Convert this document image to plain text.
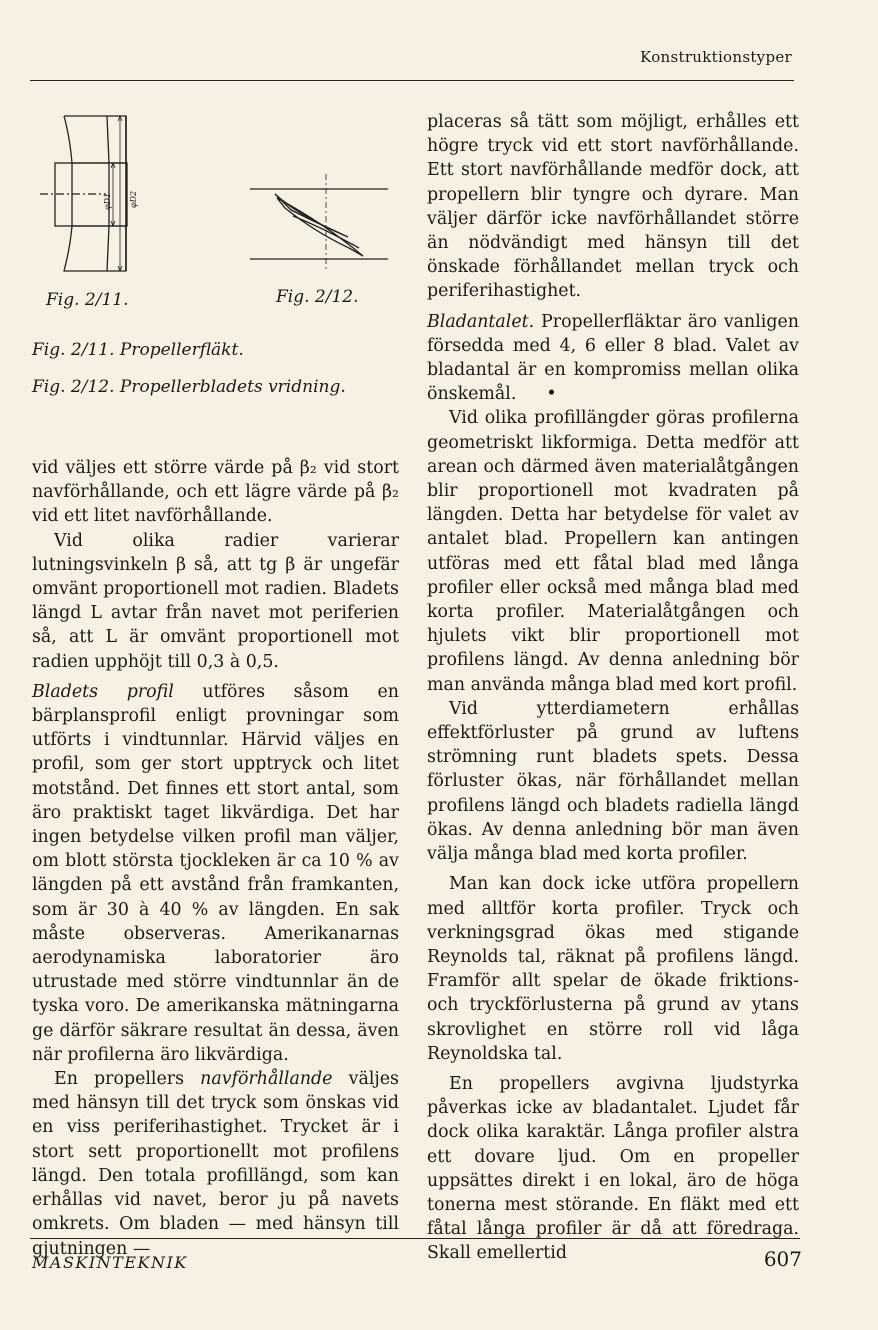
Konstruktionstyper
φD1 φD2
Fig. 2/11.	Fig. 2/12.
Fig. 2/11. Propellerfläkt.
Fig. 2/12. Propellerbladets vridning.

vid väljes ett större värde på β₂ vid stort navförhållande, och ett lägre värde på β₂ vid ett litet navförhållande.

Vid olika radier varierar lutningsvinkeln β så, att tg β är ungefär omvänt proportionell mot radien. Bladets längd L avtar från navet mot periferien så, att L är omvänt proportionell mot radien upphöjt till 0,3 à 0,5.

Bladets profil utföres såsom en bärplansprofil enligt provningar som utförts i vindtunnlar. Härvid väljes en profil, som ger stort upptryck och litet motstånd. Det finnes ett stort antal, som äro praktiskt taget likvärdiga. Det har ingen betydelse vilken profil man väljer, om blott största tjockleken är ca 10 % av längden på ett avstånd från framkanten, som är 30 à 40 % av längden. En sak måste observeras. Amerikanarnas aerodynamiska laboratorier äro utrustade med större vindtunnlar än de tyska voro. De amerikanska mätningarna ge därför säkrare resultat än dessa, även när profilerna äro likvärdiga.

En propellers navförhållande väljes med hänsyn till det tryck som önskas vid en viss periferihastighet. Trycket är i stort sett proportionellt mot profilens längd. Den totala profillängd, som kan erhållas vid navet, beror ju på navets omkrets. Om bladen — med hänsyn till gjutningen —

placeras så tätt som möjligt, erhålles ett högre tryck vid ett stort navförhållande. Ett stort navförhållande medför dock, att propellern blir tyngre och dyrare. Man väljer därför icke navförhållandet större än nödvändigt med hänsyn till det önskade förhållandet mellan tryck och periferihastighet.

Bladantalet. Propellerfläktar äro vanligen försedda med 4, 6 eller 8 blad. Valet av bladantal är en kompromiss mellan olika önskemål. •

Vid olika profillängder göras profilerna geometriskt likformiga. Detta medför att arean och därmed även materialåtgången blir proportionell mot kvadraten på längden. Detta har betydelse för valet av antalet blad. Propellern kan antingen utföras med ett fåtal blad med långa profiler eller också med många blad med korta profiler. Materialåtgången och hjulets vikt blir proportionell mot profilens längd. Av denna anledning bör man använda många blad med kort profil.

Vid ytterdiametern erhållas effektförluster på grund av luftens strömning runt bladets spets. Dessa förluster ökas, när förhållandet mellan profilens längd och bladets radiella längd ökas. Av denna anledning bör man även välja många blad med korta profiler.

Man kan dock icke utföra propellern med alltför korta profiler. Tryck och verkningsgrad ökas med stigande Reynolds tal, räknat på profilens längd. Framför allt spelar de ökade friktions- och tryckförlusterna på grund av ytans skrovlighet en större roll vid låga Reynoldska tal.

En propellers avgivna ljudstyrka påverkas icke av bladantalet. Ljudet får dock olika karaktär. Långa profiler alstra ett dovare ljud. Om en propeller uppsättes direkt i en lokal, äro de höga tonerna mest störande. En fläkt med ett fåtal långa profiler är då att föredraga. Skall emellertid

MASKINTEKNIK	607
